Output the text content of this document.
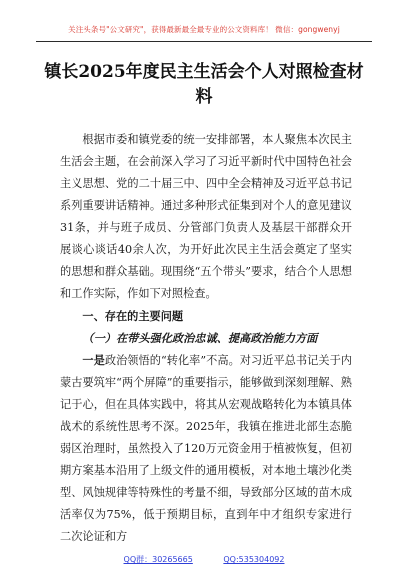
关注头条号"公文研究"，获得最新最全最专业的公文资料库！ 微信：gongwenyj
镇长2025年度民主生活会个人对照检查材料

根据市委和镇党委的统一安排部署，本人聚焦本次民主生活会主题，在会前深入学习了习近平新时代中国特色社会主义思想、党的二十届三中、四中全会精神及习近平总书记系列重要讲话精神。通过多种形式征集到对个人的意见建议31条，并与班子成员、分管部门负责人及基层干部群众开展谈心谈话40余人次，为开好此次民主生活会奠定了坚实的思想和群众基础。现围绕“五个带头”要求，结合个人思想和工作实际，作如下对照检查。

一、存在的主要问题

（一）在带头强化政治忠诚、提高政治能力方面

一是政治领悟的“转化率”不高。对习近平总书记关于内蒙古要筑牢“两个屏障”的重要指示，能够做到深刻理解、熟记于心，但在具体实践中，将其从宏观战略转化为本镇具体战术的系统性思考不深。2025年，我镇在推进北部生态脆弱区治理时，虽然投入了120万元资金用于植被恢复，但初期方案基本沿用了上级文件的通用模板，对本地土壤沙化类型、风蚀规律等特殊性的考量不细，导致部分区域的苗木成活率仅为75%，低于预期目标，直到年中才组织专家进行二次论证和方

QQ群：30265665	QQ:535304092
